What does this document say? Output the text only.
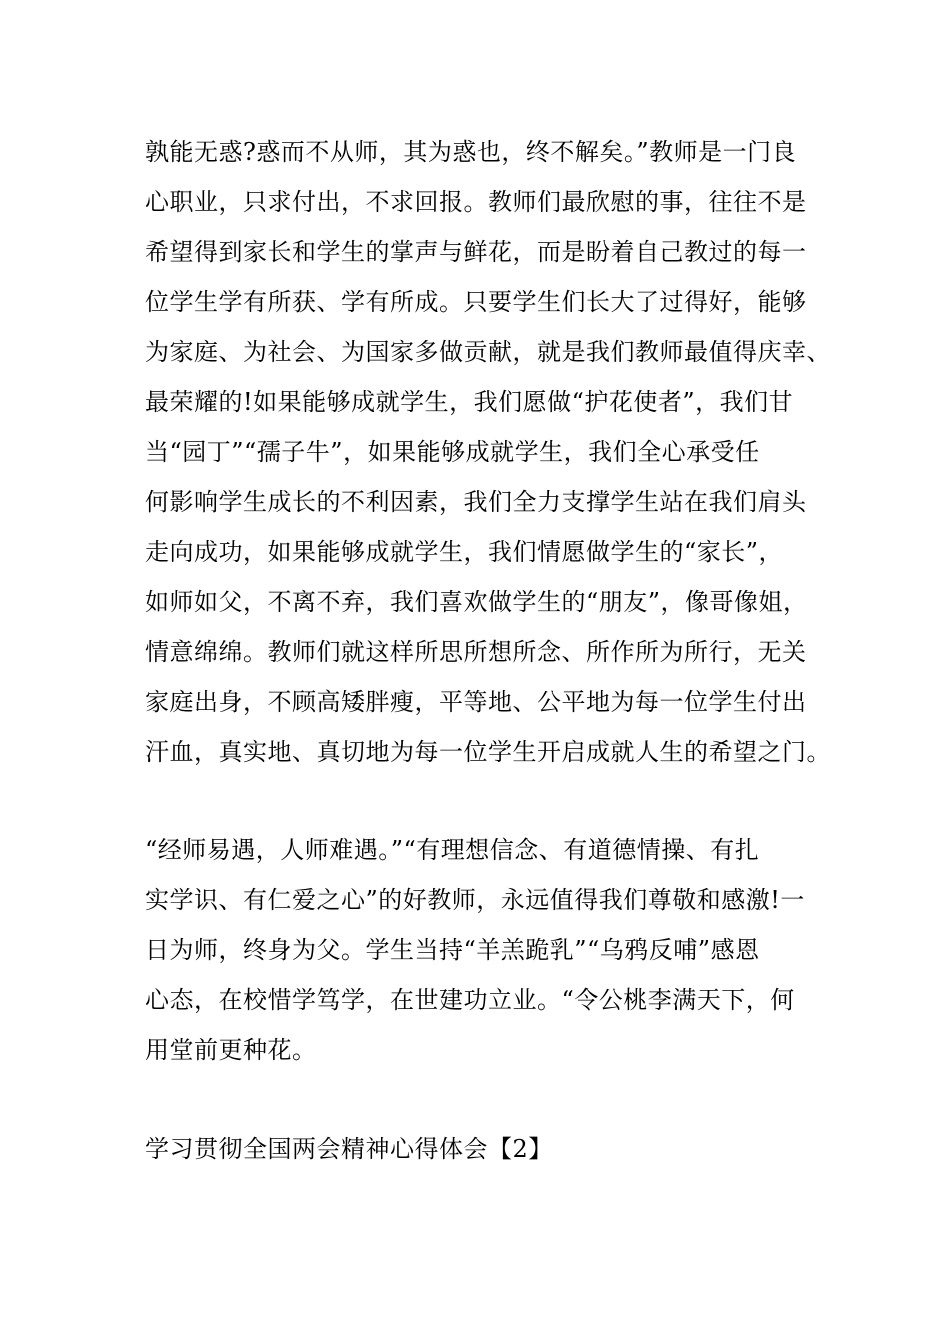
孰能无惑?惑而不从师，其为惑也，终不解矣。”教师是一门良
心职业，只求付出，不求回报。教师们最欣慰的事，往往不是
希望得到家长和学生的掌声与鲜花，而是盼着自己教过的每一
位学生学有所获、学有所成。只要学生们长大了过得好，能够
为家庭、为社会、为国家多做贡献，就是我们教师最值得庆幸、
最荣耀的!如果能够成就学生，我们愿做“护花使者”，我们甘
当“园丁”“孺子牛”，如果能够成就学生，我们全心承受任
何影响学生成长的不利因素，我们全力支撑学生站在我们肩头
走向成功，如果能够成就学生，我们情愿做学生的“家长”，
如师如父，不离不弃，我们喜欢做学生的“朋友”，像哥像姐，
情意绵绵。教师们就这样所思所想所念、所作所为所行，无关
家庭出身，不顾高矮胖瘦，平等地、公平地为每一位学生付出
汗血，真实地、真切地为每一位学生开启成就人生的希望之门。
“经师易遇，人师难遇。”“有理想信念、有道德情操、有扎
实学识、有仁爱之心”的好教师，永远值得我们尊敬和感激!一
日为师，终身为父。学生当持“羊羔跪乳”“乌鸦反哺”感恩
心态，在校惜学笃学，在世建功立业。“令公桃李满天下，何
用堂前更种花。
学习贯彻全国两会精神心得体会【2】
